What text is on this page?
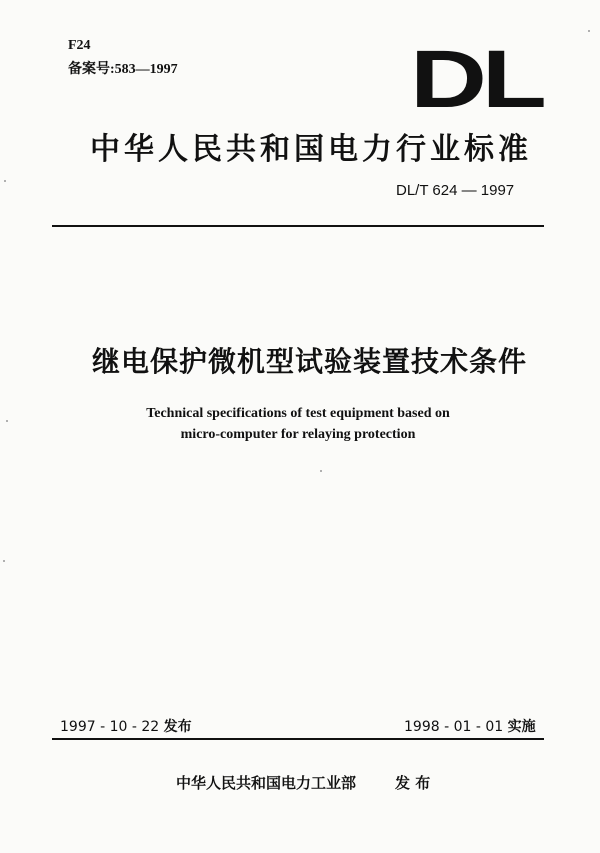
F24
备案号:583—1997	DL
中华人民共和国电力行业标准
DL/T 624 — 1997
继电保护微机型试验装置技术条件
Technical specifications of test equipment based on
micro-computer for relaying protection
1997 - 10 - 22 发布	1998 - 01 - 01 实施
中华人民共和国电力工业部	发 布
